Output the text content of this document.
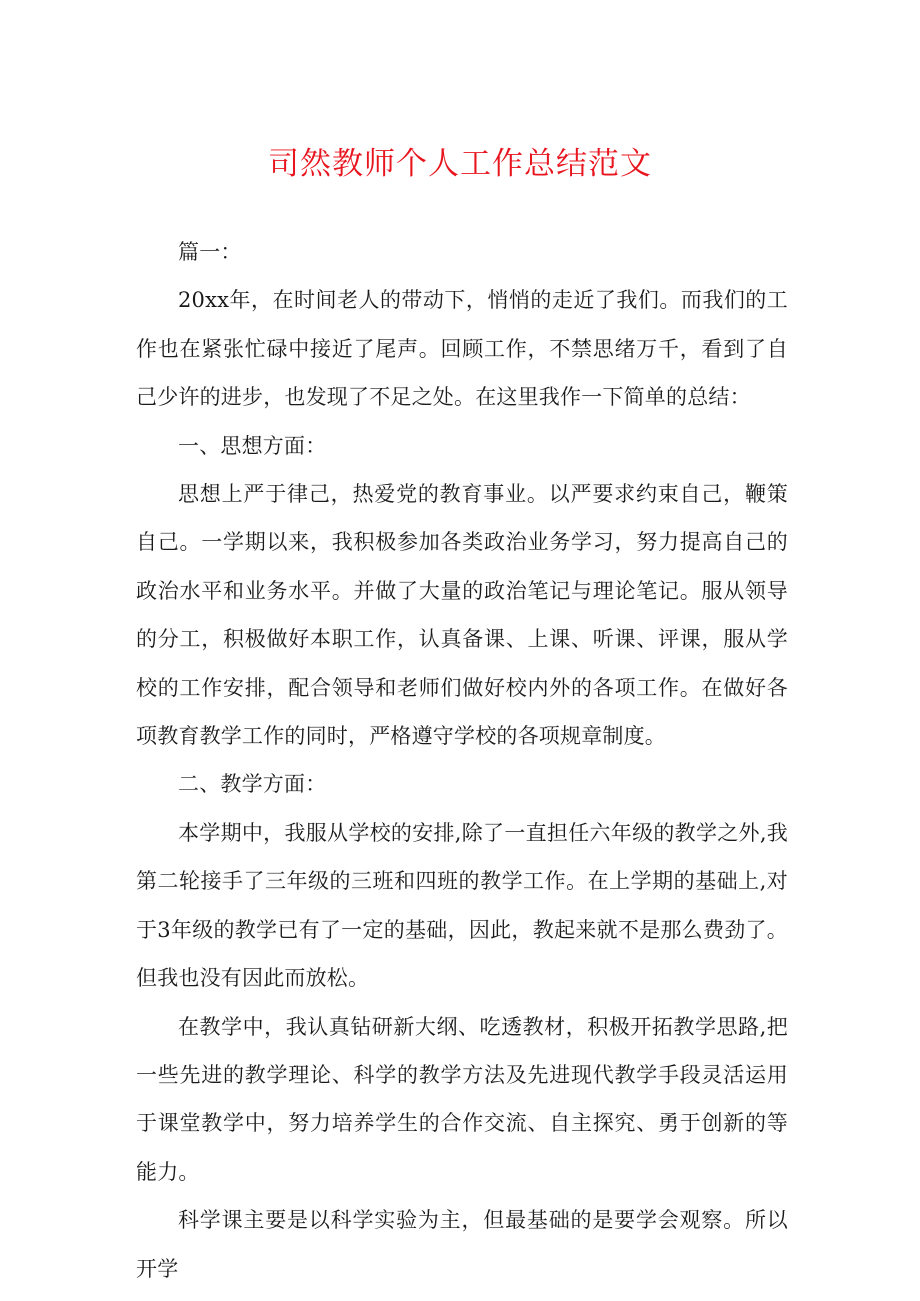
司然教师个人工作总结范文

篇一：

20xx年，在时间老人的带动下，悄悄的走近了我们。而我们的工作也在紧张忙碌中接近了尾声。回顾工作，不禁思绪万千，看到了自己少许的进步，也发现了不足之处。在这里我作一下简单的总结：

一、思想方面：

思想上严于律己，热爱党的教育事业。以严要求约束自己，鞭策自己。一学期以来，我积极参加各类政治业务学习，努力提高自己的政治水平和业务水平。并做了大量的政治笔记与理论笔记。服从领导的分工，积极做好本职工作，认真备课、上课、听课、评课，服从学校的工作安排，配合领导和老师们做好校内外的各项工作。在做好各项教育教学工作的同时，严格遵守学校的各项规章制度。

二、教学方面：

本学期中，我服从学校的安排,除了一直担任六年级的教学之外,我第二轮接手了三年级的三班和四班的教学工作。在上学期的基础上,对于3年级的教学已有了一定的基础，因此，教起来就不是那么费劲了。但我也没有因此而放松。

在教学中，我认真钻研新大纲、吃透教材，积极开拓教学思路,把一些先进的教学理论、科学的教学方法及先进现代教学手段灵活运用于课堂教学中，努力培养学生的合作交流、自主探究、勇于创新的等能力。

科学课主要是以科学实验为主，但最基础的是要学会观察。所以开学
